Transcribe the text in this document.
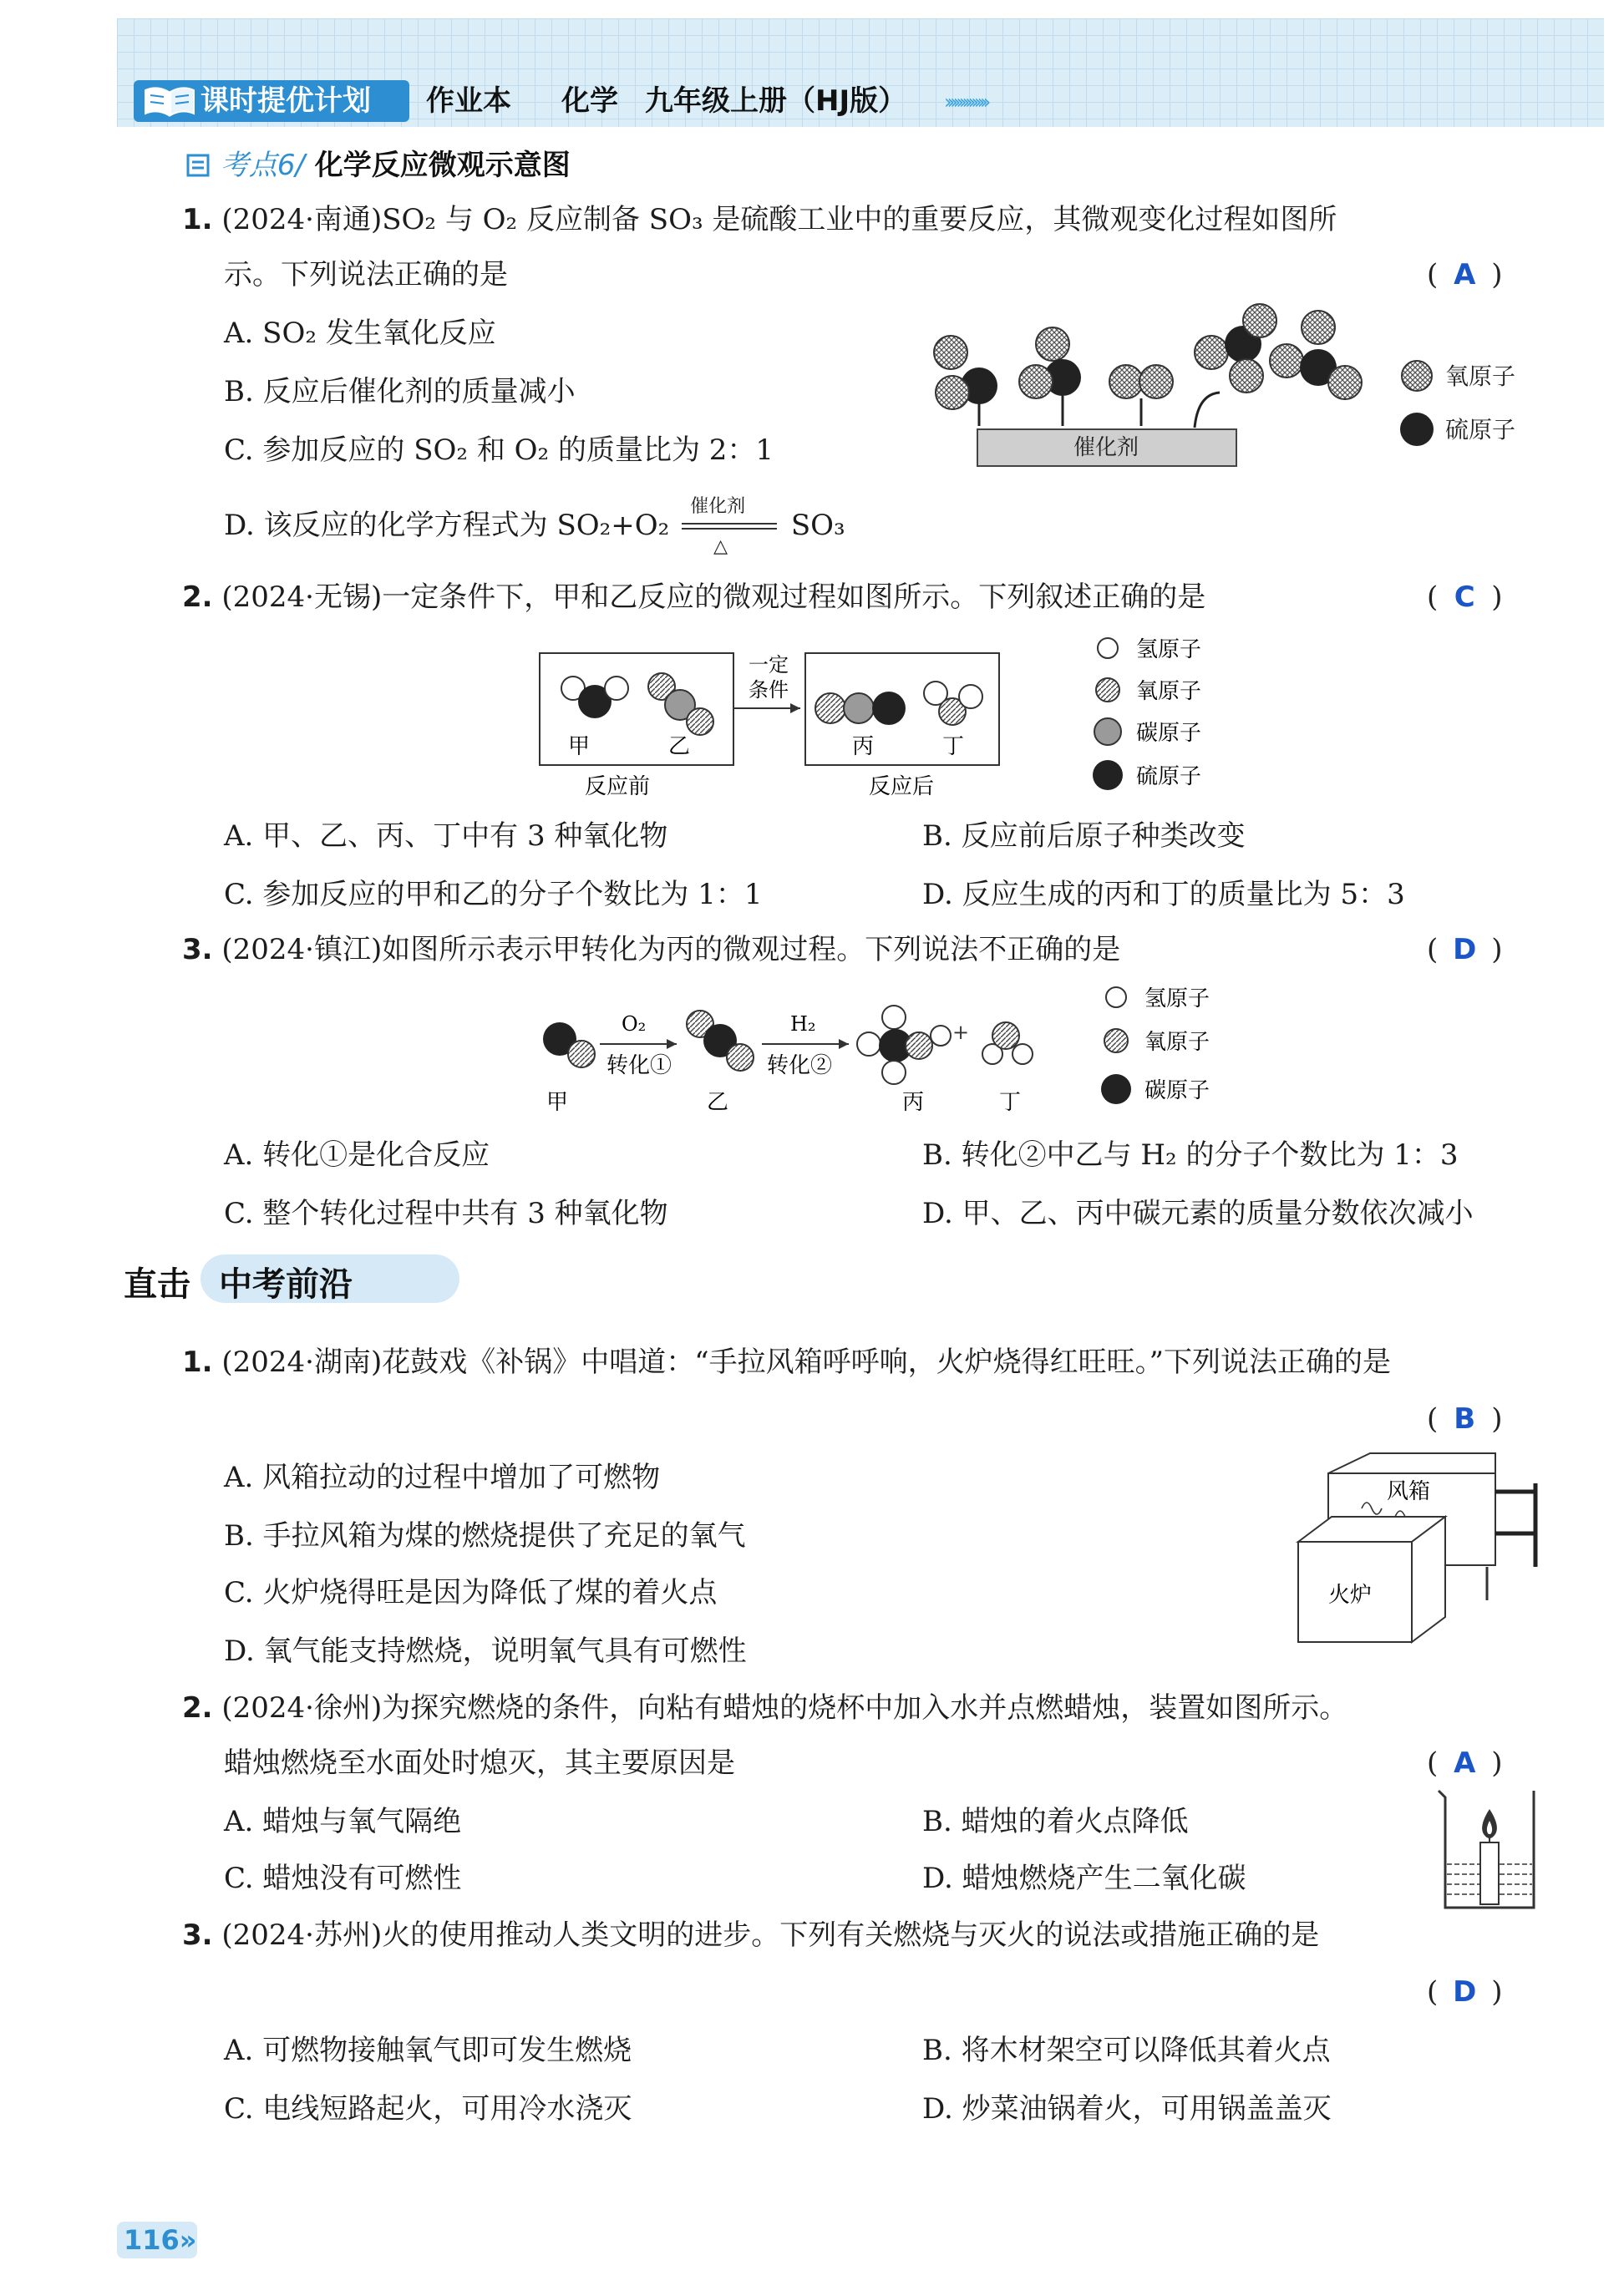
课时提优计划	作业本 化学 九年级上册（HJ版） ››››››››››››››
考点6/ 化学反应微观示意图
1. (2024·南通)SO₂ 与 O₂ 反应制备 SO₃ 是硫酸工业中的重要反应，其微观变化过程如图所
示。下列说法正确的是	( A )
A. SO₂ 发生氧化反应
B. 反应后催化剂的质量减小
C. 参加反应的 SO₂ 和 O₂ 的质量比为 2：1
D. 该反应的化学方程式为 SO₂+O₂
催化剂
△
SO₃
催化剂
氧原子
硫原子
2. (2024·无锡)一定条件下，甲和乙反应的微观过程如图所示。下列叙述正确的是	( C )
甲	乙
反应前
一定
条件
丙	丁
反应后
氢原子
氧原子
碳原子
硫原子
A. 甲、乙、丙、丁中有 3 种氧化物	B. 反应前后原子种类改变
C. 参加反应的甲和乙的分子个数比为 1：1	D. 反应生成的丙和丁的质量比为 5：3
3. (2024·镇江)如图所示表示甲转化为丙的微观过程。下列说法不正确的是	( D )
甲
O₂
转化①
乙
H₂
转化②
+
丙	丁
氢原子
氧原子
碳原子
A. 转化①是化合反应	B. 转化②中乙与 H₂ 的分子个数比为 1：3
C. 整个转化过程中共有 3 种氧化物	D. 甲、乙、丙中碳元素的质量分数依次减小
直击 中考前沿
1. (2024·湖南)花鼓戏《补锅》中唱道：“手拉风箱呼呼响，火炉烧得红旺旺。”下列说法正确的是
( B )
A. 风箱拉动的过程中增加了可燃物
B. 手拉风箱为煤的燃烧提供了充足的氧气
C. 火炉烧得旺是因为降低了煤的着火点
D. 氧气能支持燃烧，说明氧气具有可燃性
风箱
火炉
2. (2024·徐州)为探究燃烧的条件，向粘有蜡烛的烧杯中加入水并点燃蜡烛，装置如图所示。
蜡烛燃烧至水面处时熄灭，其主要原因是	( A )
A. 蜡烛与氧气隔绝	B. 蜡烛的着火点降低
C. 蜡烛没有可燃性	D. 蜡烛燃烧产生二氧化碳
3. (2024·苏州)火的使用推动人类文明的进步。下列有关燃烧与灭火的说法或措施正确的是
( D )
A. 可燃物接触氧气即可发生燃烧	B. 将木材架空可以降低其着火点
C. 电线短路起火，可用冷水浇灭	D. 炒菜油锅着火，可用锅盖盖灭
116»
